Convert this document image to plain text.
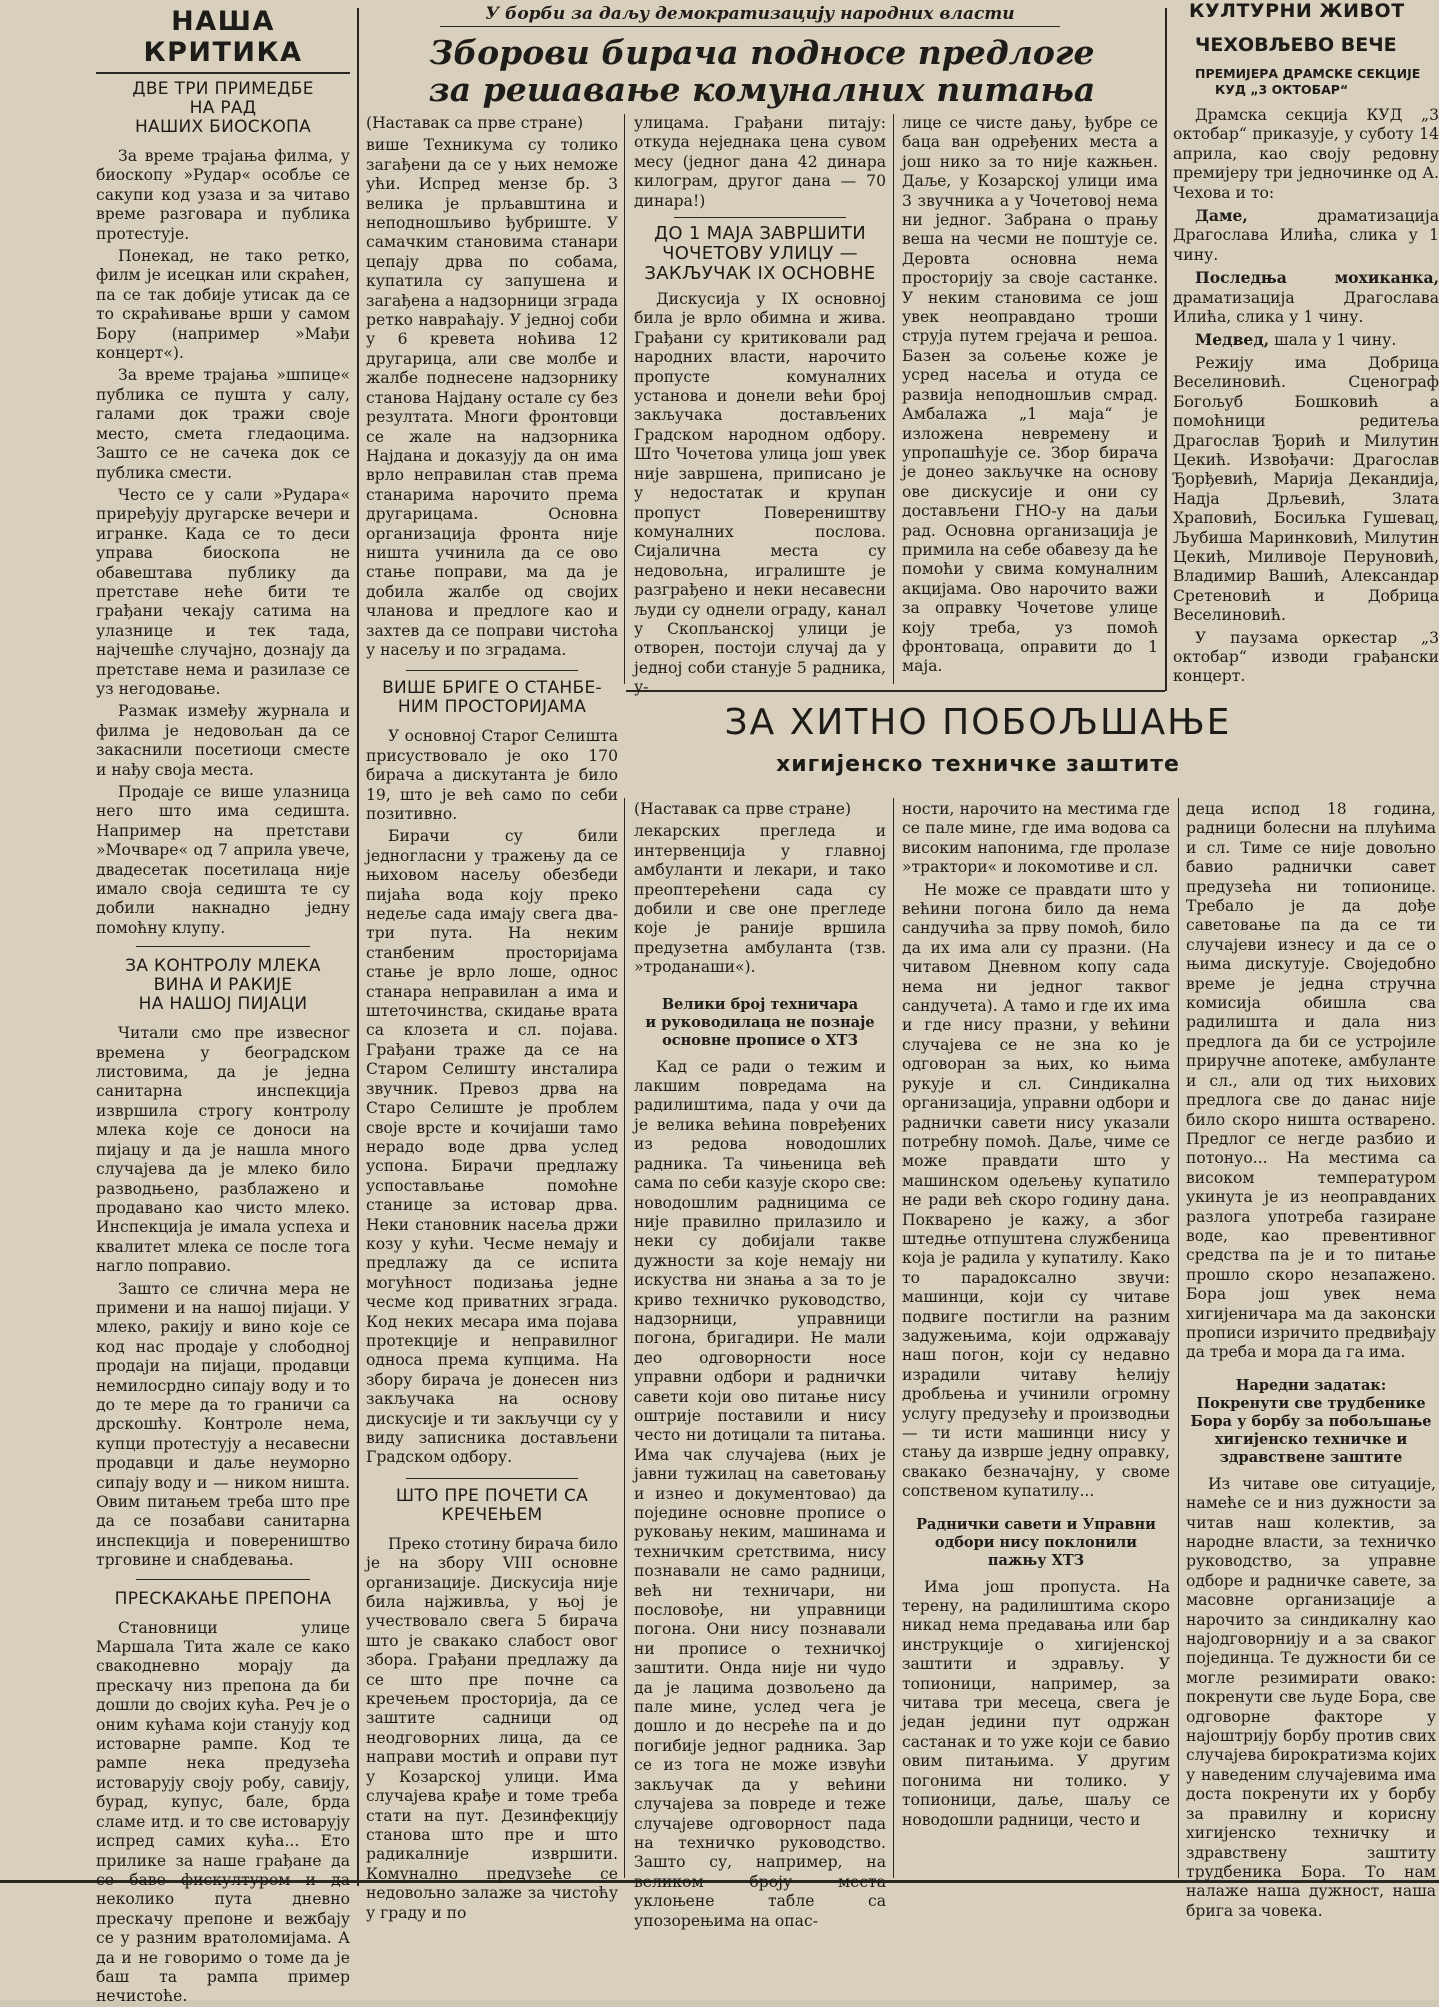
НАША КРИТИКА
ДВЕ ТРИ ПРИМЕДБЕ
НА РАД
НАШИХ БИОСКОПА

За време трајања филма, у биоскопу »Рудар« особље се сакупи код узаза и за читаво време разговара и публика протестује.

Понекад, не тако ретко, филм је исецкан или скраћен, па се так добије утисак да се то скраћивање врши у самом Бору (например »Мађи концерт«).

За време трајања »шпице« публика се пушта у салу, галами док тражи своје место, смета гледаоцима. Зашто се не сачека док се публика смести.

Често се у сали »Рудара« приређују другарске вечери и игранке. Када се то деси управа биоскопа не обавештава публику да претставе неће бити те грађани чекају сатима на улазнице и тек тада, најчешће случајно, дознају да претставе нема и разилазе се уз негодовање.

Размак између журнала и филма је недовољан да се закаснили посетиоци сместе и нађу своја места.

Продаје се више улазница него што има седишта. Например на претстави »Мочваре« од 7 априла увече, двадесетак посетилаца није имало своја седишта те су добили накнадно једну помоћну клупу.

ЗА КОНТРОЛУ МЛЕКА
ВИНА И РАКИЈЕ
НА НАШОЈ ПИЈАЦИ

Читали смо пре извесног времена у београдском листовима, да је једна санитарна инспекција извршила строгу контролу млека које се доноси на пијацу и да је нашла много случајева да је млеко било разводњено, разблажено и продавано као чисто млеко. Инспекција је имала успеха и квалитет млека се после тога нагло поправио.

Зашто се слична мера не примени и на нашој пијаци. У млеко, ракију и вино које се код нас продаје у слободној продаји на пијаци, продавци немилосрдно сипају воду и то до те мере да то граничи са дрскошћу. Контроле нема, купци протестују а несавесни продавци и даље неуморно сипају воду и — ником ништа. Овим питањем треба што пре да се позабави санитарна инспекција и повереништво трговине и снабдевања.

ПРЕСКАКАЊЕ ПРЕПОНА

Становници улице Маршала Тита жале се како свакодневно морају да прескачу низ препона да би дошли до својих кућа. Реч је о оним кућама који станују код истоварне рампе. Код те рампе нека предузећа истоварују своју робу, савију, бурад, купус, бале, брда сламе итд. и то све истоварују испред самих кућа... Ето прилике за наше грађане да се баве фискултуром и да неколико пута дневно прескачу препоне и вежбају се у разним вратоломијама. А да и не говоримо о томе да је баш та рампа пример нечистоће.

У борби за даљу демократизацију народних власти
Зборови бирача подносе предлоге
за решавање комуналних питања

(Наставак са прве стране)

више Техникума су толико загађени да се у њих неможе ући. Испред мензе бр. 3 велика је прљавштина и неподношљиво ђубриште. У самачким становима станари цепају дрва по собама, купатила су запушена и загађена а надзорници зграда ретко навраћају. У једној соби у 6 кревета ноћива 12 другарица, али све молбе и жалбе поднесене надзорнику станова Најдану остале су без резултата. Многи фронтовци се жале на надзорника Најдана и доказују да он има врло неправилан став према станарима нарочито према другарицама. Основна организација фронта није ништа учинила да се ово стање поправи, ма да је добила жалбе од својих чланова и предлоге као и захтев да се поправи чистоћа у насељу и по зградама.

ВИШЕ БРИГЕ О СТАНБЕ-
НИМ ПРОСТОРИЈАМА

У основној Старог Селишта присуствовало је око 170 бирача а дискутанта је било 19, што је већ само по себи позитивно.

Бирачи су били једногласни у тражењу да се њиховом насељу обезбеди пијаћа вода коју преко недеље сада имају свега два-три пута. На неким станбеним просторијама стање је врло лоше, однос станара неправилан а има и штеточинства, скидање врата са клозета и сл. појава. Грађани траже да се на Старом Селишту инсталира звучник. Превоз дрва на Старо Селиште је проблем своје врсте и кочијаши тамо нерадо воде дрва услед успона. Бирачи предлажу успостављање помоћне станице за истовар дрва. Неки становник насеља држи козу у кући. Чесме немају и предлажу да се испита могућност подизања једне чесме код приватних зграда. Код неких месара има појава протекције и неправилног односа према купцима. На збору бирача је донесен низ закључака на основу дискусије и ти закључци су у виду записника достављени Градском одбору.

ШТО ПРЕ ПОЧЕТИ СА
КРЕЧЕЊЕМ

Преко стотину бирача било је на збору VIII основне организације. Дискусија није била најживља, у њој је учествовало свега 5 бирача што је свакако слабост овог збора. Грађани предлажу да се што пре почне са кречењем просторија, да се заштите садници од неодговорних лица, да се направи мостић и оправи пут у Козарској улици. Има случајева крађе и томе треба стати на пут. Дезинфекцију станова што пре и што радикалније извршити. Комунално предузеће се недовољно залаже за чистоћу у граду и по

улицама. Грађани питају: откуда неједнака цена сувом месу (једног дана 42 динара килограм, другог дана — 70 динара!)

ДО 1 МАЈА ЗАВРШИТИ
ЧОЧЕТОВУ УЛИЦУ —
ЗАКЉУЧАК IX ОСНОВНЕ

Дискусија у IX основној била је врло обимна и жива. Грађани су критиковали рад народних власти, нарочито пропусте комуналних установа и донели већи број закључака достављених Градском народном одбору. Што Чочетова улица још увек није завршена, приписано је у недостатак и крупан пропуст Повереништву комуналних послова. Сијалична места су недовољна, игралиште је разграђено и неки несавесни људи су однели ограду, канал у Скопљанској улици је отворен, постоји случај да у једној соби станује 5 радника, у-

лице се чисте дању, ђубре се баца ван одређених места а још нико за то није кажњен. Даље, у Козарској улици има 3 звучника а у Чочетовој нема ни једног. Забрана о прању веша на чесми не поштује се. Деровта основна нема просторију за своје састанке. У неким становима се још увек неоправдано троши струја путем грејача и решоа. Базен за сољење коже је усред насеља и отуда се развија неподношљив смрад. Амбалажа „1 маја“ је изложена невремену и упропашћује се. Збор бирача је донео закључке на основу ове дискусије и они су достављени ГНО-у на даљи рад. Основна организација је примила на себе обавезу да ће помоћи у свима комуналним акцијама. Ово нарочито важи за оправку Чочетове улице коју треба, уз помоћ фронтоваца, оправити до 1 маја.

КУЛТУРНИ ЖИВОТ
ЧЕХОВЉЕВО ВЕЧЕ
ПРЕМИЈЕРА ДРАМСКЕ СЕКЦИЈЕ
КУД „3 ОКТОБАР“

Драмска секција КУД „3 октобар“ приказује, у суботу 14 априла, као своју редовну премијеру три једночинке од А. Чехова и то:

Даме, драматизација Драгослава Илића, слика у 1 чину.

Последња мохиканка, драматизација Драгослава Илића, слика у 1 чину.

Медвед, шала у 1 чину.

Режију има Добрица Веселиновић. Сценограф Богољуб Бошковић а помоћници редитеља Драгослав Ђорић и Милутин Цекић. Извођачи: Драгослав Ђорђевић, Марија Декандија, Надја Дрљевић, Злата Храповић, Босиљка Гушевац, Љубиша Маринковић, Милутин Цекић, Миливоје Перуновић, Владимир Вашић, Александар Сретеновић и Добрица Веселиновић.

У паузама оркестар „3 октобар“ изводи грађански концерт.

ЗА ХИТНО ПОБОЉШАЊЕ
хигијенско техничке заштите

(Наставак са прве стране)

лекарских прегледа и интервенција у главној амбуланти и лекари, и тако преоптерећени сада су добили и све оне прегледе које је раније вршила предузетна амбуланта (тзв. »троданаши«).

Велики број техничара
и руководилаца не познаје
основне прописе о ХТЗ

Кад се ради о тежим и лакшим повредама на радилиштима, пада у очи да је велика већина повређених из редова новодошлих радника. Та чињеница већ сама по себи казује скоро све: новодошлим радницима се није правилно прилазило и неки су добијали такве дужности за које немају ни искуства ни знања а за то је криво техничко руководство, надзорници, управници погона, бригадири. Не мали део одговорности носе управни одбори и раднички савети који ово питање нису оштрије поставили и нису често ни дотицали та питања. Има чак случајева (њих је јавни тужилац на саветовању и изнео и документовао) да поједине основне прописе о руковању неким, машинама и техничким сретствима, нису познавали не само радници, већ ни техничари, ни пословође, ни управници погона. Они нису познавали ни прописе о техничкој заштити. Онда није ни чудо да је лацима дозвољено да пале мине, услед чега је дошло и до несреће па и до погибије једног радника. Зар се из тога не може извући закључак да у већини случајева за повреде и теже случајеве одговорност пада на техничко руководство. Зашто су, например, на великом броју места уклоњене табле са упозорењима на опас-

ности, нарочито на местима где се пале мине, где има водова са високим напонима, где пролазе »трактори« и локомотиве и сл.

Не може се правдати што у већини погона било да нема сандучића за прву помоћ, било да их има али су празни. (На читавом Дневном копу сада нема ни једног таквог сандучета). А тамо и где их има и где нису празни, у већини случајева се не зна ко је одговоран за њих, ко њима рукује и сл. Синдикална организација, управни одбори и раднички савети нису указали потребну помоћ. Даље, чиме се може правдати што у машинском одељењу купатило не ради већ скоро годину дана. Покварено је кажу, а због штедње отпуштена службеница која је радила у купатилу. Како то парадоксално звучи: машинци, који су читаве подвиге постигли на разним задужењима, који одржавају наш погон, који су недавно израдили читаву ћелију дробљења и учинили огромну услугу предузећу и производњи — ти исти машинци нису у стању да изврше једну оправку, свакако безначајну, у своме сопственом купатилу...

Раднички савети и Управни
одбори нису поклонили
пажњу ХТЗ

Има још пропуста. На терену, на радилиштима скоро никад нема предавања или бар инструкције о хигијенској заштити и здрављу. У топионици, например, за читава три месеца, свега је један једини пут одржан састанак и то уже који се бавио овим питањима. У другим погонима ни толико. У топионици, даље, шаљу се новодошли радници, често и

деца испод 18 година, радници болесни на плућима и сл. Тиме се није довољно бавио раднички савет предузећа ни топионице. Требало је да дође саветовање па да се ти случајеви изнесу и да се о њима дискутује. Своједобно време је једна стручна комисија обишла сва радилишта и дала низ предлога да би се устројиле приручне апотеке, амбуланте и сл., али од тих њихових предлога све до данас није било скоро ништа остварено. Предлог се негде разбио и потонуо... На местима са високом температуром укинута је из неоправданих разлога употреба газиране воде, као превентивног средства па је и то питање прошло скоро незапажено. Бора још увек нема хигијеничара ма да законски прописи изричито предвиђају да треба и мора да га има.

Наредни задатак:
Покренути све трудбенике
Бора у борбу за побољшање
хигијенско техничке и
здравствене заштите

Из читаве ове ситуације, намеће се и низ дужности за читав наш колектив, за народне власти, за техничко руководство, за управне одборе и радничке савете, за масовне организације а нарочито за синдикалну као најодговорнију и а за сваког појединца. Те дужности би се могле резимирати овако: покренути све људе Бора, све одговорне факторе у најоштрију борбу против свих случајева бирократизма којих у наведеним случајевима има доста покренути их у борбу за правилну и корисну хигијенско техничку и здравствену заштиту трудбеника Бора. То нам налаже наша дужност, наша брига за човека.
